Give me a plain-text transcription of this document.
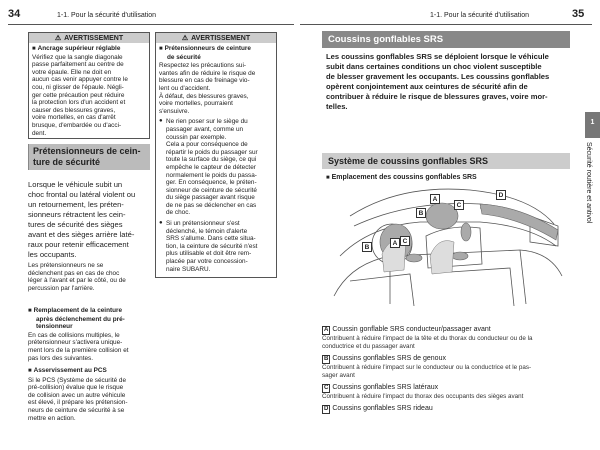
34	1-1. Pour la sécurité d'utilisation
⚠ AVERTISSEMENT
■ Ancrage supérieur réglable
Vérifiez que la sangle diagonale
passe parfaitement au centre de
votre épaule. Elle ne doit en
aucun cas venir appuyer contre le
cou, ni glisser de l'épaule. Négli-
ger cette précaution peut réduire
la protection lors d'un accident et
causer des blessures graves,
voire mortelles, en cas d'arrêt
brusque, d'embardée ou d'acci-
dent.
Prétensionneurs de cein-
ture de sécurité
Lorsque le véhicule subit un
choc frontal ou latéral violent ou
un retournement, les préten-
sionneurs rétractent les cein-
tures de sécurité des sièges
avant et des sièges arrière laté-
raux pour retenir efficacement
les occupants.
Les prétensionneurs ne se
déclenchent pas en cas de choc
léger à l'avant et par le côté, ou de
percussion par l'arrière.
■ Remplacement de la ceinture
après déclenchement du pré-
tensionneur
En cas de collisions multiples, le
prétensionneur s'activera unique-
ment lors de la première collision et
pas lors des suivantes.
■ Asservissement au PCS
Si le PCS (Système de sécurité de
pré-collision) évalue que le risque
de collision avec un autre véhicule
est élevé, il prépare les prétension-
neurs de ceinture de sécurité à se
mettre en action.
⚠ AVERTISSEMENT
■ Prétensionneurs de ceinture
de sécurité
Respectez les précautions sui-
vantes afin de réduire le risque de
blessure en cas de freinage vio-
lent ou d'accident.
À défaut, des blessures graves,
voire mortelles, pourraient
s'ensuivre.
● Ne rien poser sur le siège du
passager avant, comme un
coussin par exemple.
Cela a pour conséquence de
répartir le poids du passager sur
toute la surface du siège, ce qui
empêche le capteur de détecter
normalement le poids du passa-
ger. En conséquence, le préten-
sionneur de ceinture de sécurité
du siège passager avant risque
de ne pas se déclencher en cas
de choc.
● Si un prétensionneur s'est
déclenché, le témoin d'alerte
SRS s'allume. Dans cette situa-
tion, la ceinture de sécurité n'est
plus utilisable et doit être rem-
placée par votre concession-
naire SUBARU.
1-1. Pour la sécurité d'utilisation	35
Coussins gonflables SRS
Les coussins gonflables SRS se déploient lorsque le véhicule
subit dans certaines conditions un choc violent susceptible
de blesser gravement les occupants. Les coussins gonflables
opèrent conjointement aux ceintures de sécurité afin de
contribuer à réduire le risque de blessures graves, voire mor-
telles.
Système de coussins gonflables SRS
■ Emplacement des coussins gonflables SRS
1
Sécurité routière et antivol
A
A
B
B
C
C
D
A Coussin gonflable SRS conducteur/passager avant
Contribuent à réduire l'impact de la tête et du thorax du conducteur ou de la
conductrice et du passager avant
B Coussins gonflables SRS de genoux
Contribuent à réduire l'impact sur le conducteur ou la conductrice et le pas-
sager avant
C Coussins gonflables SRS latéraux
Contribuent à réduire l'impact du thorax des occupants des sièges avant
D Coussins gonflables SRS rideau
